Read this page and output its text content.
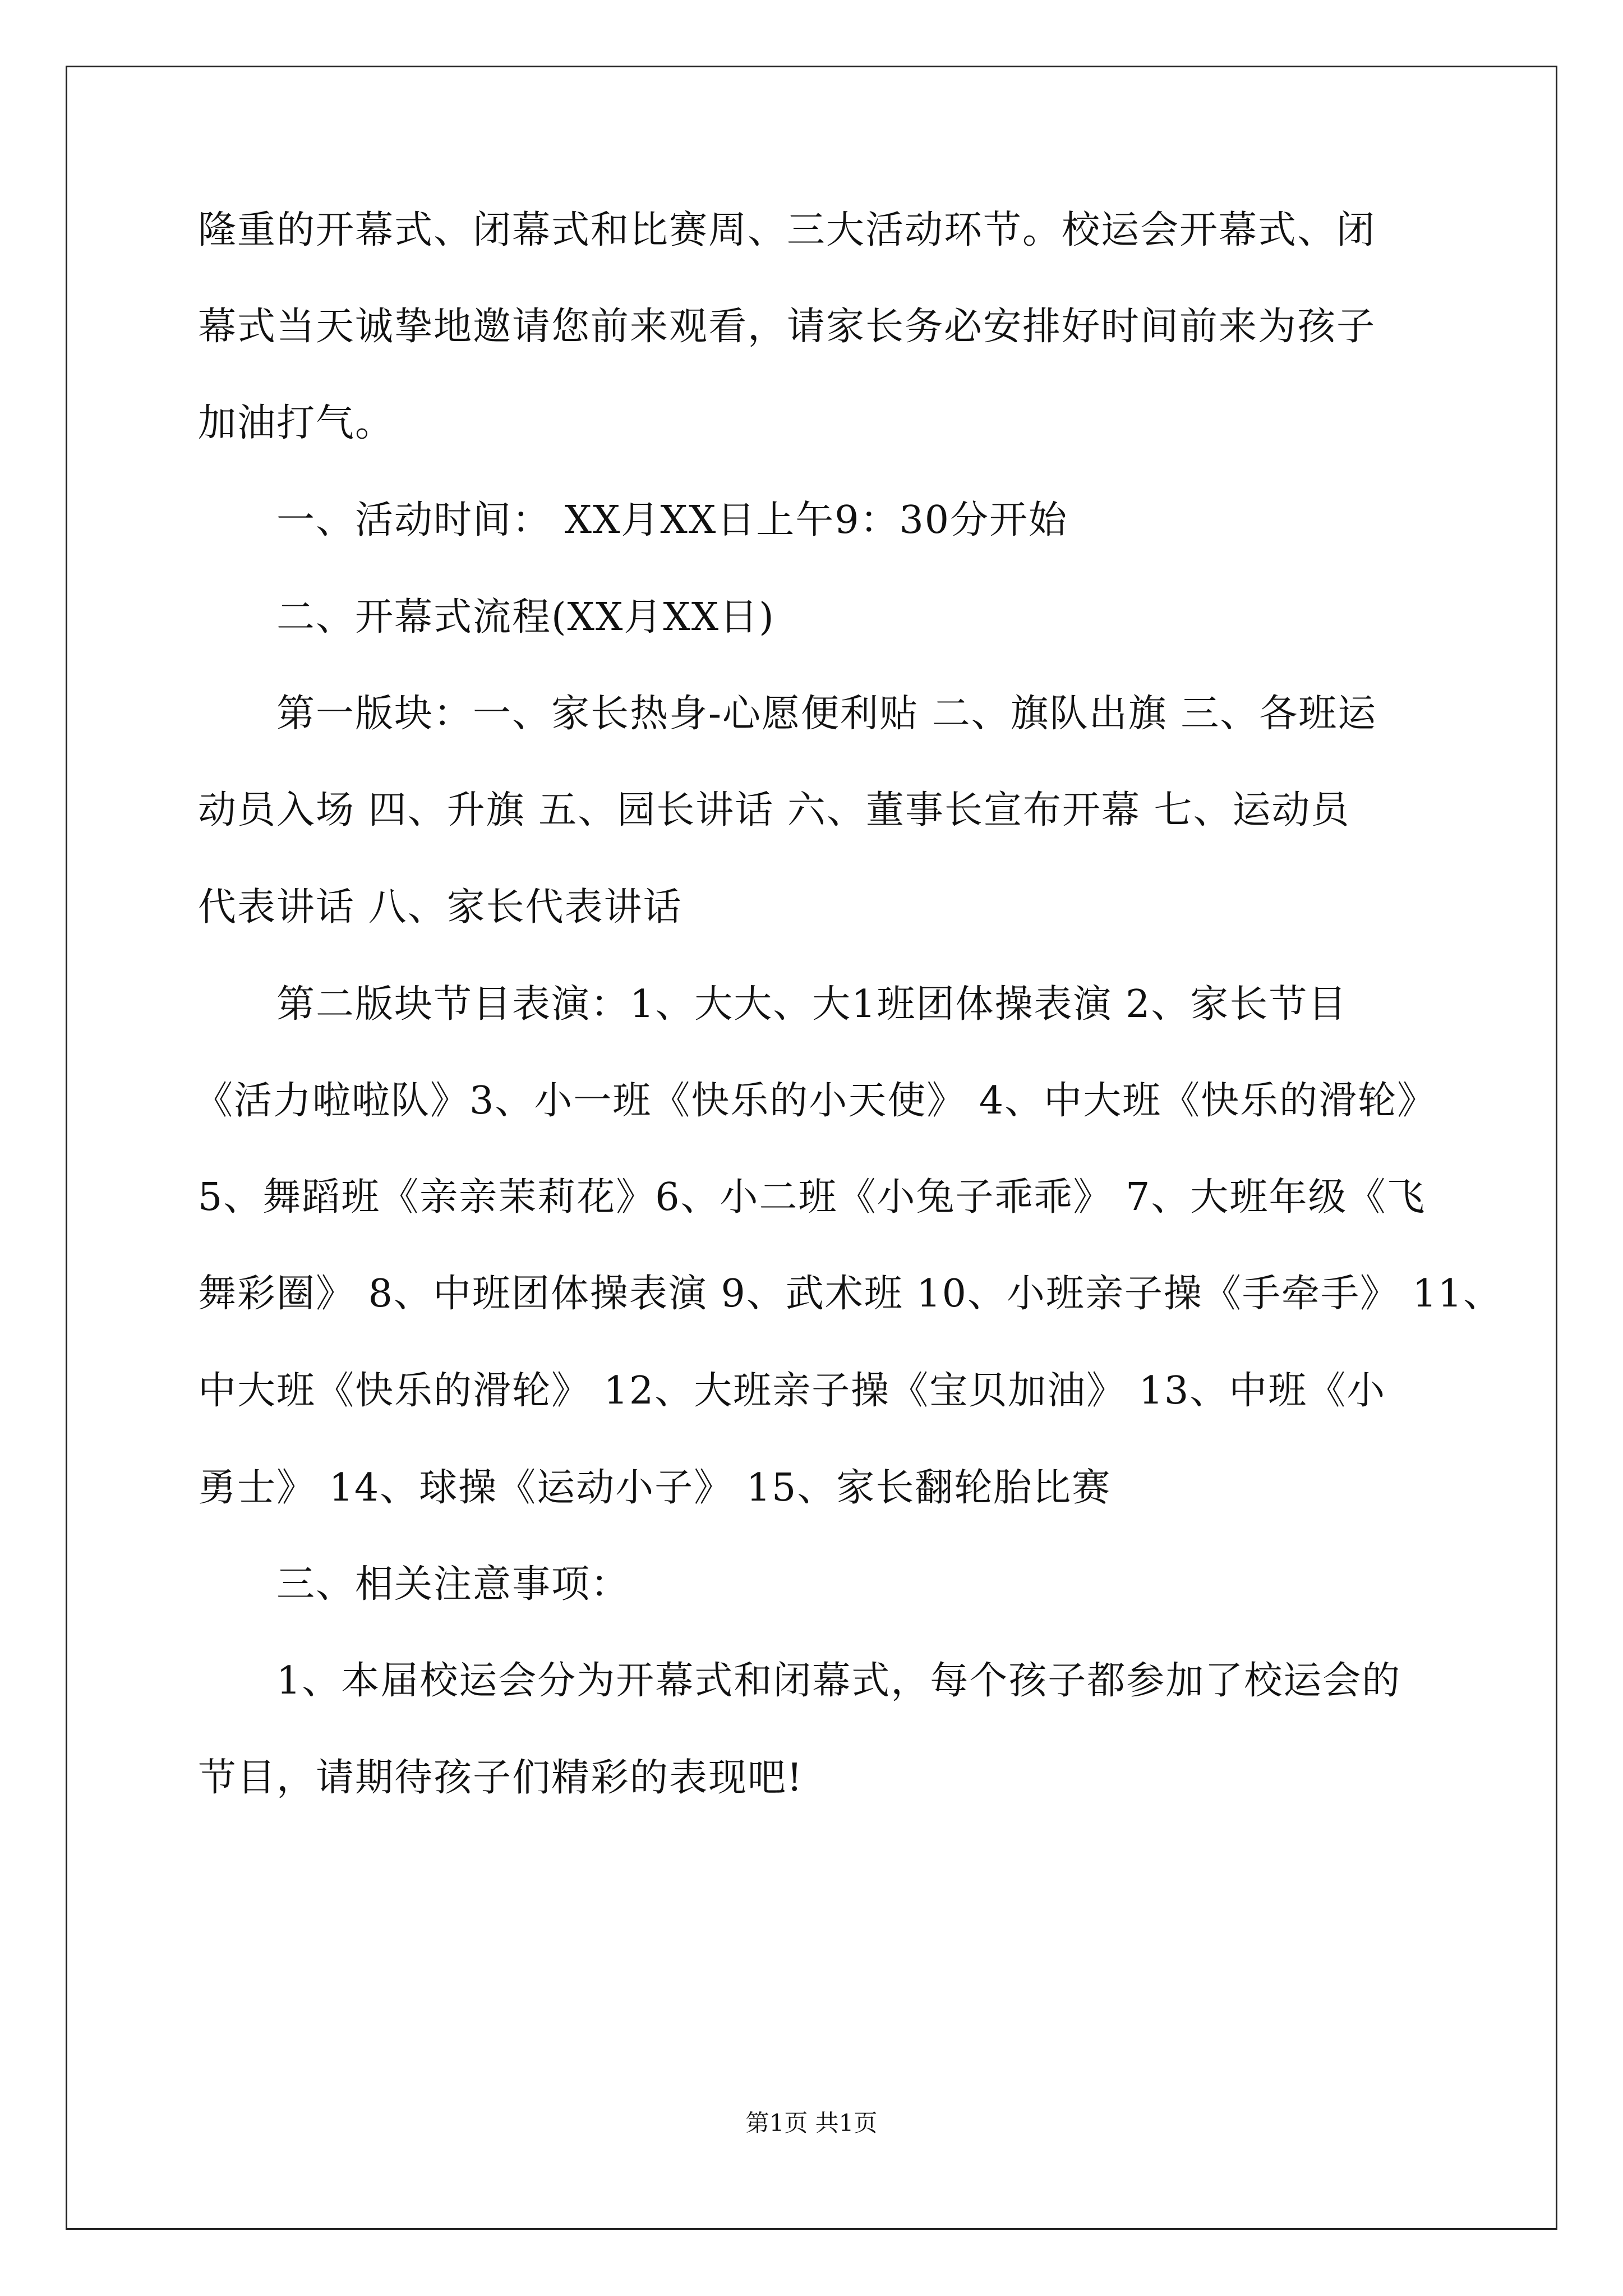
隆重的开幕式、闭幕式和比赛周、三大活动环节。校运会开幕式、闭
幕式当天诚挚地邀请您前来观看，请家长务必安排好时间前来为孩子
加油打气。
一、活动时间： XX月XX日上午9：30分开始
二、开幕式流程(XX月XX日)
第一版块：一、家长热身-心愿便利贴 二、旗队出旗 三、各班运
动员入场 四、升旗 五、园长讲话 六、董事长宣布开幕 七、运动员
代表讲话 八、家长代表讲话
第二版块节目表演：1、大大、大1班团体操表演 2、家长节目
《活力啦啦队》3、小一班《快乐的小天使》 4、中大班《快乐的滑轮》
5、舞蹈班《亲亲茉莉花》6、小二班《小兔子乖乖》 7、大班年级《飞
舞彩圈》 8、中班团体操表演 9、武术班 10、小班亲子操《手牵手》 11、
中大班《快乐的滑轮》 12、大班亲子操《宝贝加油》 13、中班《小
勇士》 14、球操《运动小子》 15、家长翻轮胎比赛
三、相关注意事项：
1、本届校运会分为开幕式和闭幕式，每个孩子都参加了校运会的
节目，请期待孩子们精彩的表现吧!
第1页 共1页
